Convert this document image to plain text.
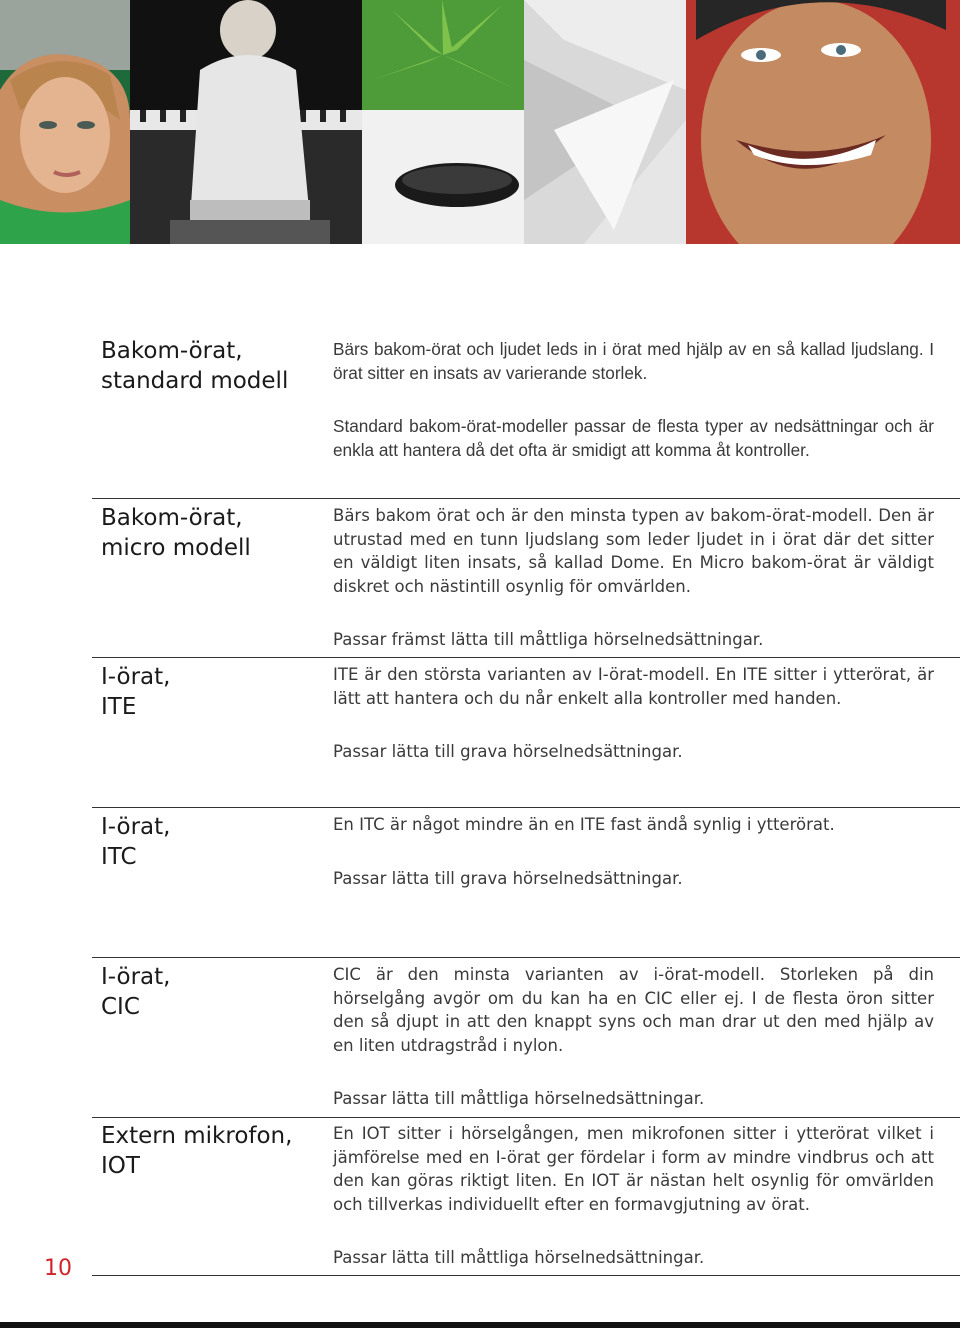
Bakom-örat,
standard modell

Bärs bakom-örat och ljudet leds in i örat med hjälp av en så kallad ljudslang. I örat sitter en insats av varierande storlek.

Standard bakom-örat-modeller passar de flesta typer av nedsättningar och är enkla att hantera då det ofta är smidigt att komma åt kontroller.

Bakom-örat,
micro modell

Bärs bakom örat och är den minsta typen av bakom-örat-modell. Den är utrustad med en tunn ljudslang som leder ljudet in i örat där det sitter en väldigt liten insats, så kallad Dome. En Micro bakom-örat är väldigt diskret och nästintill osynlig för omvärlden.

Passar främst lätta till måttliga hörselnedsättningar.

I-örat,
ITE

ITE är den största varianten av I-örat-modell. En ITE sitter i ytterörat, är lätt att hantera och du når enkelt alla kontroller med handen.

Passar lätta till grava hörselnedsättningar.

I-örat,
ITC

En ITC är något mindre än en ITE fast ändå synlig i ytterörat.

Passar lätta till grava hörselnedsättningar.

I-örat,
CIC

CIC är den minsta varianten av i-örat-modell. Storleken på din hörselgång avgör om du kan ha en CIC eller ej. I de flesta öron sitter den så djupt in att den knappt syns och man drar ut den med hjälp av en liten utdragstråd i nylon.

Passar lätta till måttliga hörselnedsättningar.

Extern mikrofon,
IOT

En IOT sitter i hörselgången, men mikrofonen sitter i ytterörat vilket i jämförelse med en I-örat ger fördelar i form av mindre vindbrus och att den kan göras riktigt liten. En IOT är nästan helt osynlig för omvärlden och tillverkas individuellt efter en formavgjutning av örat.

Passar lätta till måttliga hörselnedsättningar.

10
